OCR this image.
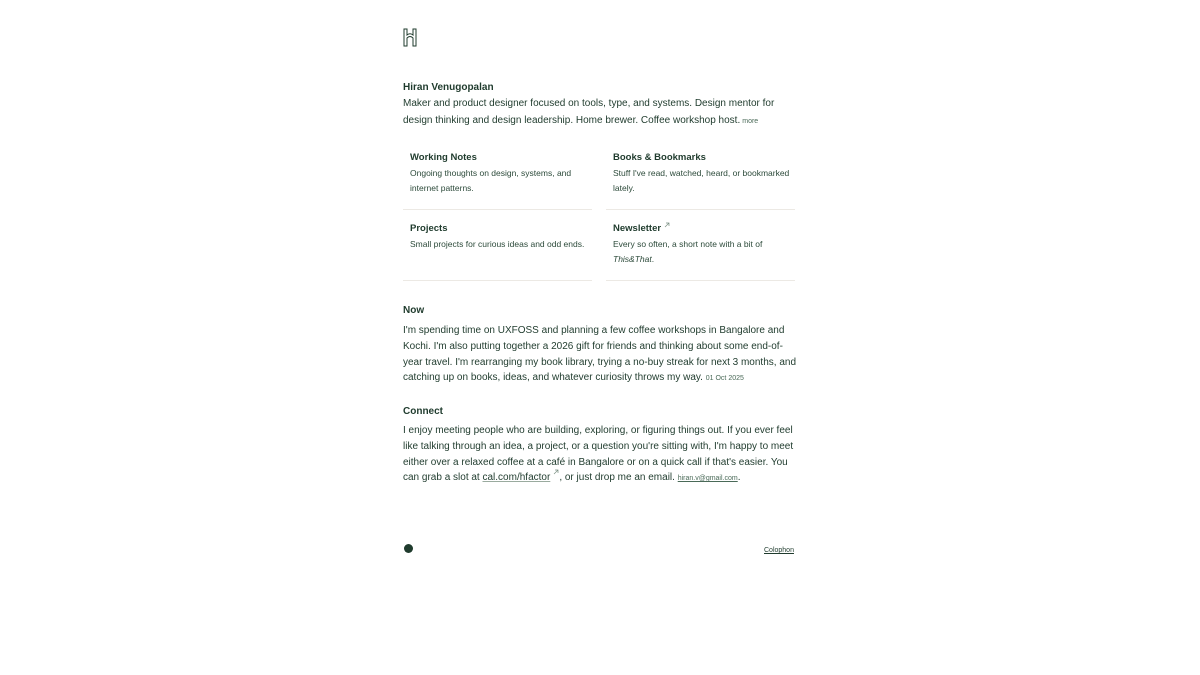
Hiran Venugopalan
Maker and product designer focused on tools, type, and systems. Design mentor for design thinking and design leadership. Home brewer. Coffee workshop host. more
Working Notes
Ongoing thoughts on design, systems, and internet patterns.
Books & Bookmarks
Stuff I've read, watched, heard, or bookmarked lately.
Projects
Small projects for curious ideas and odd ends.
Newsletter
Every so often, a short note with a bit of This&That.
Now
I'm spending time on UXFOSS and planning a few coffee workshops in Bangalore and Kochi. I'm also putting together a 2026 gift for friends and thinking about some end-of-year travel. I'm rearranging my book library, trying a no-buy streak for next 3 months, and catching up on books, ideas, and whatever curiosity throws my way. 01 Oct 2025
Connect
I enjoy meeting people who are building, exploring, or figuring things out. If you ever feel like talking through an idea, a project, or a question you're sitting with, I'm happy to meet either over a relaxed coffee at a café in Bangalore or on a quick call if that's easier. You can grab a slot at cal.com/hfactor , or just drop me an email. hiran.v@gmail.com.
Colophon
